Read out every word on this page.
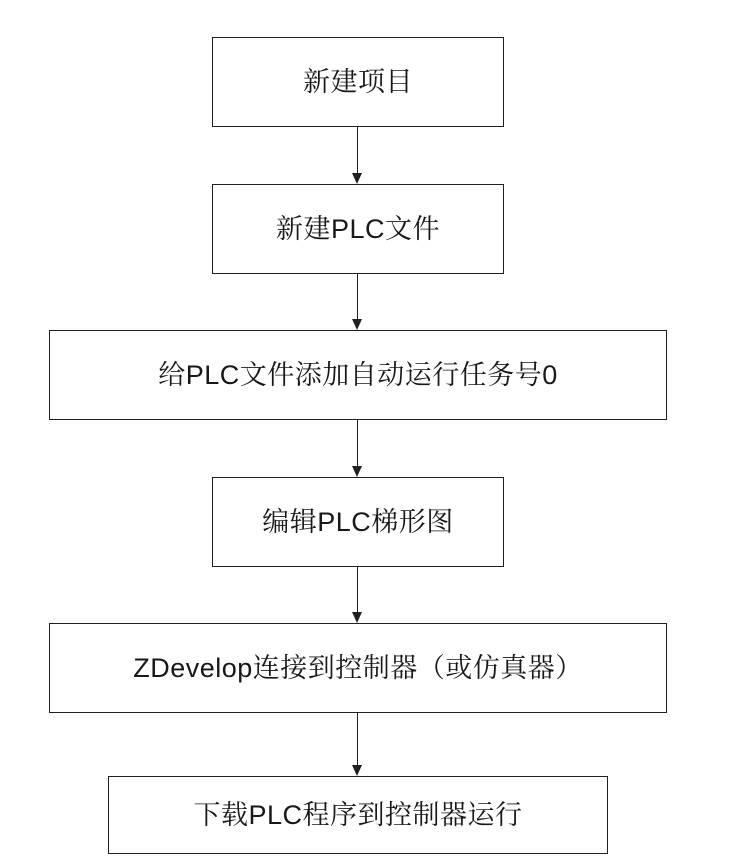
新建项目
新建PLC文件
给PLC文件添加自动运行任务号0
编辑PLC梯形图
ZDevelop连接到控制器（或仿真器）
下载PLC程序到控制器运行
